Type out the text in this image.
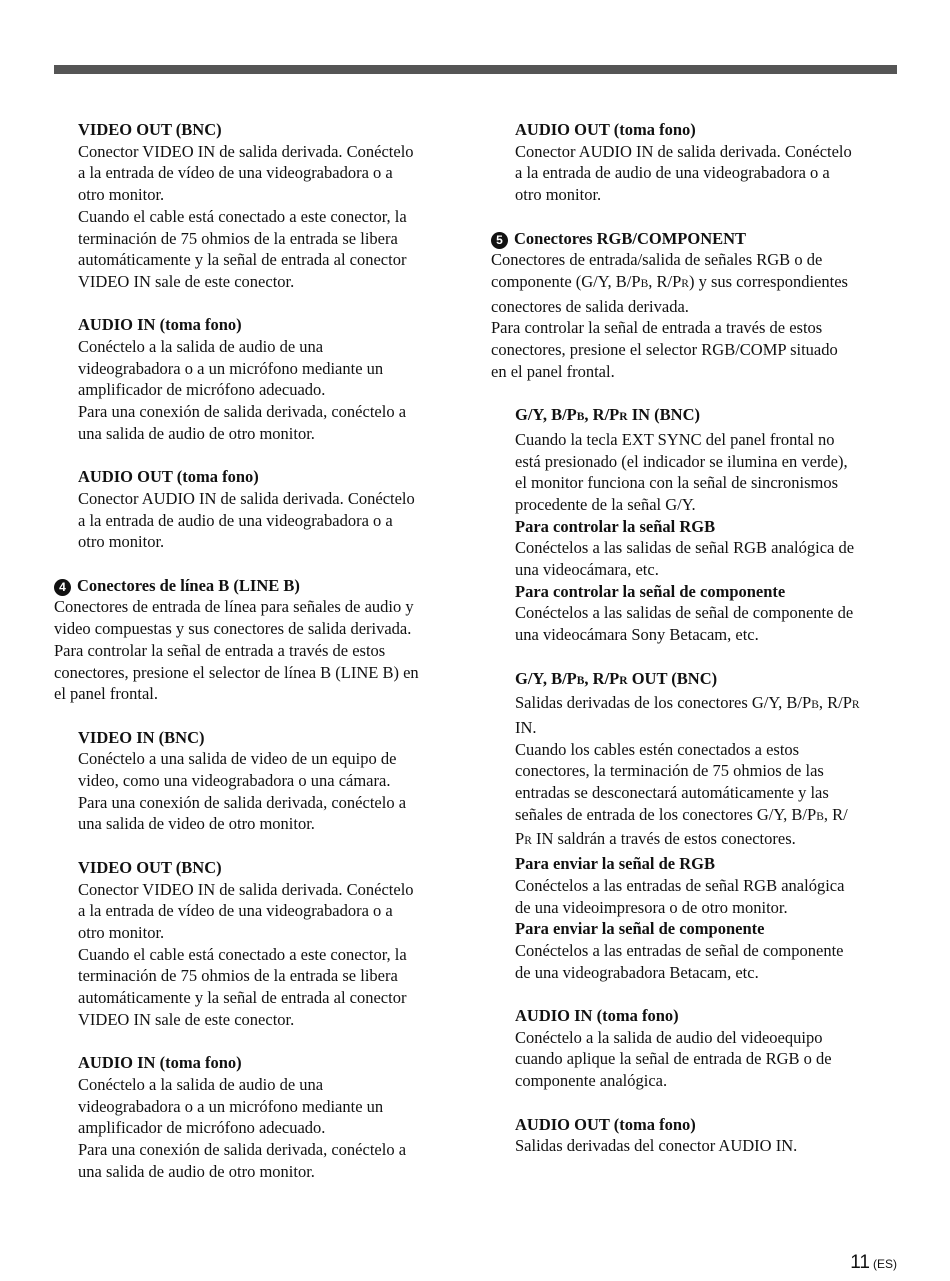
VIDEO OUT (BNC)

Conector VIDEO IN de salida derivada. Conéctelo

a la entrada de vídeo de una videograbadora o a

otro monitor.

Cuando el cable está conectado a este conector, la

terminación de 75 ohmios de la entrada se libera

automáticamente y la señal de entrada al conector

VIDEO IN sale de este conector.

AUDIO IN (toma fono)

Conéctelo a la salida de audio de una

videograbadora o a un micrófono mediante un

amplificador de micrófono adecuado.

Para una conexión de salida derivada, conéctelo a

una salida de audio de otro monitor.

AUDIO OUT (toma fono)

Conector AUDIO IN de salida derivada. Conéctelo

a la entrada de audio de una videograbadora o a

otro monitor.

4 Conectores de línea B (LINE B)

Conectores de entrada de línea para señales de audio y

video compuestas y sus conectores de salida derivada.

Para controlar la señal de entrada a través de estos

conectores, presione el selector de línea B (LINE B) en

el panel frontal.

VIDEO IN (BNC)

Conéctelo a una salida de video de un equipo de

video, como una videograbadora o una cámara.

Para una conexión de salida derivada, conéctelo a

una salida de video de otro monitor.

VIDEO OUT (BNC)

Conector VIDEO IN de salida derivada. Conéctelo

a la entrada de vídeo de una videograbadora o a

otro monitor.

Cuando el cable está conectado a este conector, la

terminación de 75 ohmios de la entrada se libera

automáticamente y la señal de entrada al conector

VIDEO IN sale de este conector.

AUDIO IN (toma fono)

Conéctelo a la salida de audio de una

videograbadora o a un micrófono mediante un

amplificador de micrófono adecuado.

Para una conexión de salida derivada, conéctelo a

una salida de audio de otro monitor.

AUDIO OUT (toma fono)

Conector AUDIO IN de salida derivada. Conéctelo

a la entrada de audio de una videograbadora o a

otro monitor.

5 Conectores RGB/COMPONENT

Conectores de entrada/salida de señales RGB o de

componente (G/Y, B/PB, R/PR) y sus correspondientes

conectores de salida derivada.

Para controlar la señal de entrada a través de estos

conectores, presione el selector RGB/COMP situado

en el panel frontal.

G/Y, B/PB, R/PR IN (BNC)

Cuando la tecla EXT SYNC del panel frontal no

está presionado (el indicador se ilumina en verde),

el monitor funciona con la señal de sincronismos

procedente de la señal G/Y.

Para controlar la señal RGB

Conéctelos a las salidas de señal RGB analógica de

una videocámara, etc.

Para controlar la señal de componente

Conéctelos a las salidas de señal de componente de

una videocámara Sony Betacam, etc.

G/Y, B/PB, R/PR OUT (BNC)

Salidas derivadas de los conectores G/Y, B/PB, R/PR

IN.

Cuando los cables estén conectados a estos

conectores, la terminación de 75 ohmios de las

entradas se desconectará automáticamente y las

señales de entrada de los conectores G/Y, B/PB, R/

PR IN saldrán a través de estos conectores.

Para enviar la señal de RGB

Conéctelos a las entradas de señal RGB analógica

de una videoimpresora o de otro monitor.

Para enviar la señal de componente

Conéctelos a las entradas de señal de componente

de una videograbadora Betacam, etc.

AUDIO IN (toma fono)

Conéctelo a la salida de audio del videoequipo

cuando aplique la señal de entrada de RGB o de

componente analógica.

AUDIO OUT (toma fono)

Salidas derivadas del conector AUDIO IN.

11 (ES)
